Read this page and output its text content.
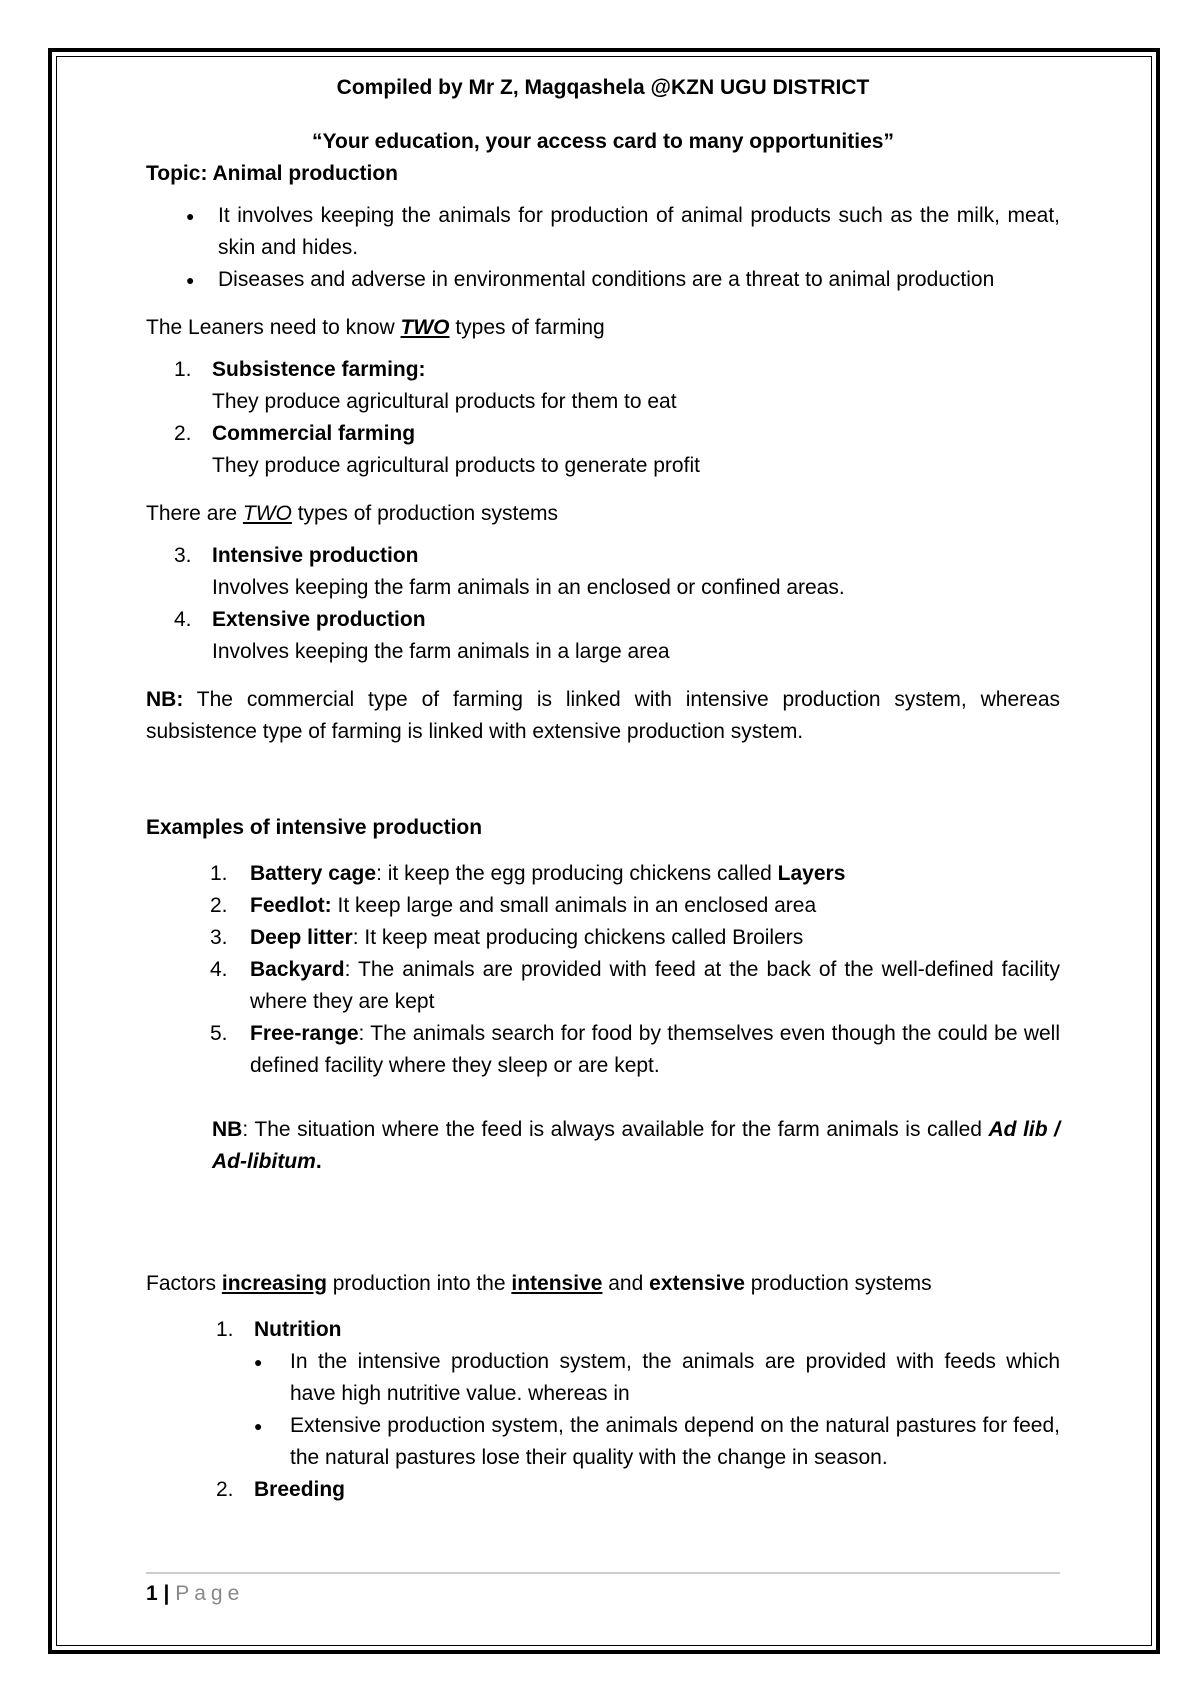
Compiled by Mr Z, Magqashela @KZN UGU DISTRICT

“Your education, your access card to many opportunities”

Topic: Animal production

● It involves keeping the animals for production of animal products such as the milk, meat, skin and hides.
● Diseases and adverse in environmental conditions are a threat to animal production

The Leaners need to know TWO types of farming

1. Subsistence farming:
They produce agricultural products for them to eat
2. Commercial farming
They produce agricultural products to generate profit

There are TWO types of production systems

3. Intensive production
Involves keeping the farm animals in an enclosed or confined areas.
4. Extensive production
Involves keeping the farm animals in a large area

NB: The commercial type of farming is linked with intensive production system, whereas subsistence type of farming is linked with extensive production system.

Examples of intensive production

1. Battery cage: it keep the egg producing chickens called Layers
2. Feedlot: It keep large and small animals in an enclosed area
3. Deep litter: It keep meat producing chickens called Broilers
4. Backyard: The animals are provided with feed at the back of the well-defined facility where they are kept
5. Free-range: The animals search for food by themselves even though the could be well defined facility where they sleep or are kept.

NB: The situation where the feed is always available for the farm animals is called Ad lib / Ad-libitum.

Factors increasing production into the intensive and extensive production systems

1. Nutrition
● In the intensive production system, the animals are provided with feeds which have high nutritive value. whereas in
● Extensive production system, the animals depend on the natural pastures for feed, the natural pastures lose their quality with the change in season.
2. Breeding
1 | Page
